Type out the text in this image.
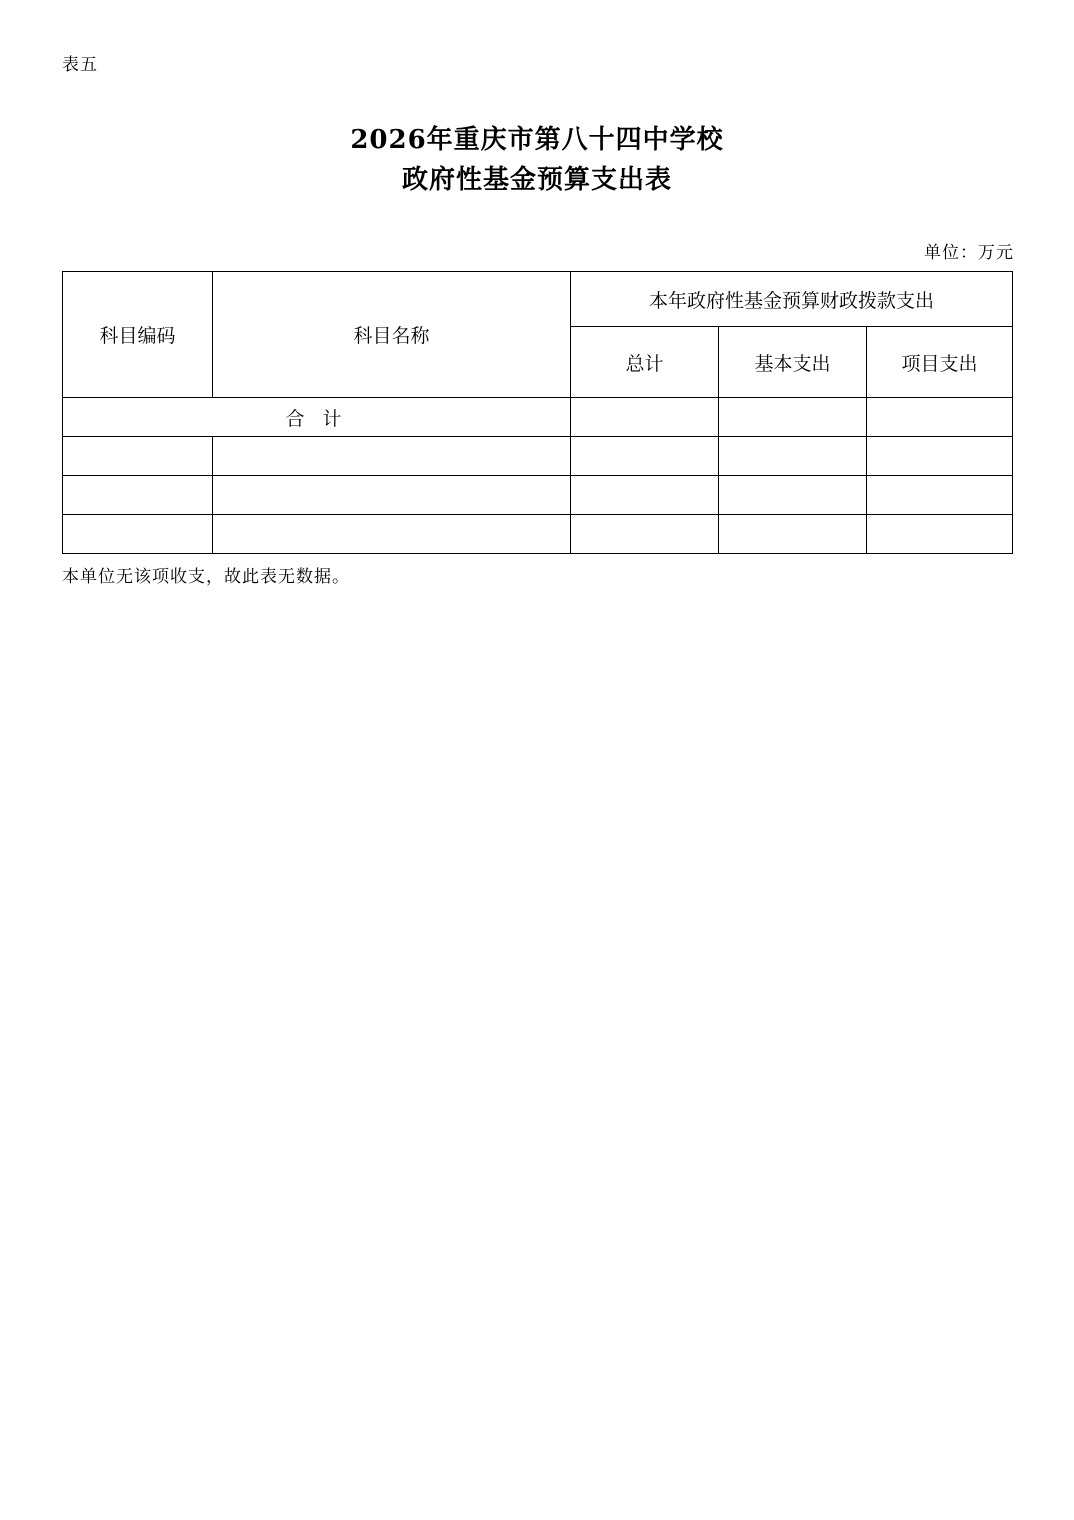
表五
2026年重庆市第八十四中学校
政府性基金预算支出表
单位：万元
科目编码	科目名称	本年政府性基金预算财政拨款支出		
		总计	基本支出	项目支出
合 计				

本单位无该项收支，故此表无数据。
